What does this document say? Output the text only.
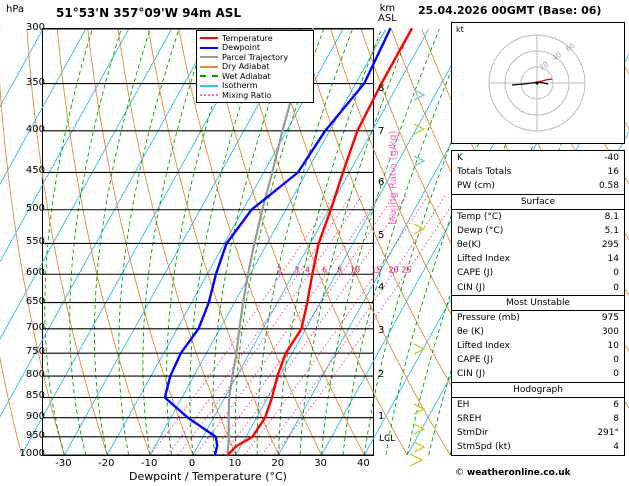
hPa	51°53'N 357°09'W 94m ASL	km
ASL
2 3 4 6 8 10 15 20 25
300
350
400
450
500
550
600
650
700
750
800
850
900
950
1000
-30	-20	-10	0	10	20	30	40
8
7
6
5
4
3
2
1
Dewpoint / Temperature (°C)
Mixing Ratio (g/kg)
LCL
Temperature
Dewpoint
Parcel Trajectory
Dry Adiabat
Wet Adiabat
Isotherm
Mixing Ratio
25.04.2026 00GMT (Base: 06)
kt
20
40
60
K	-40
Totals Totals	16
PW (cm)	0.58
Surface
Temp (°C)	8.1
Dewp (°C)	5.1
θe(K)	295
Lifted Index	14
CAPE (J)	0
CIN (J)	0
Most Unstable
Pressure (mb)	975
θe (K)	300
Lifted Index	10
CAPE (J)	0
CIN (J)	0
Hodograph
EH	6
SREH	8
StmDir	291°
StmSpd (kt)	4
© weatheronline.co.uk
